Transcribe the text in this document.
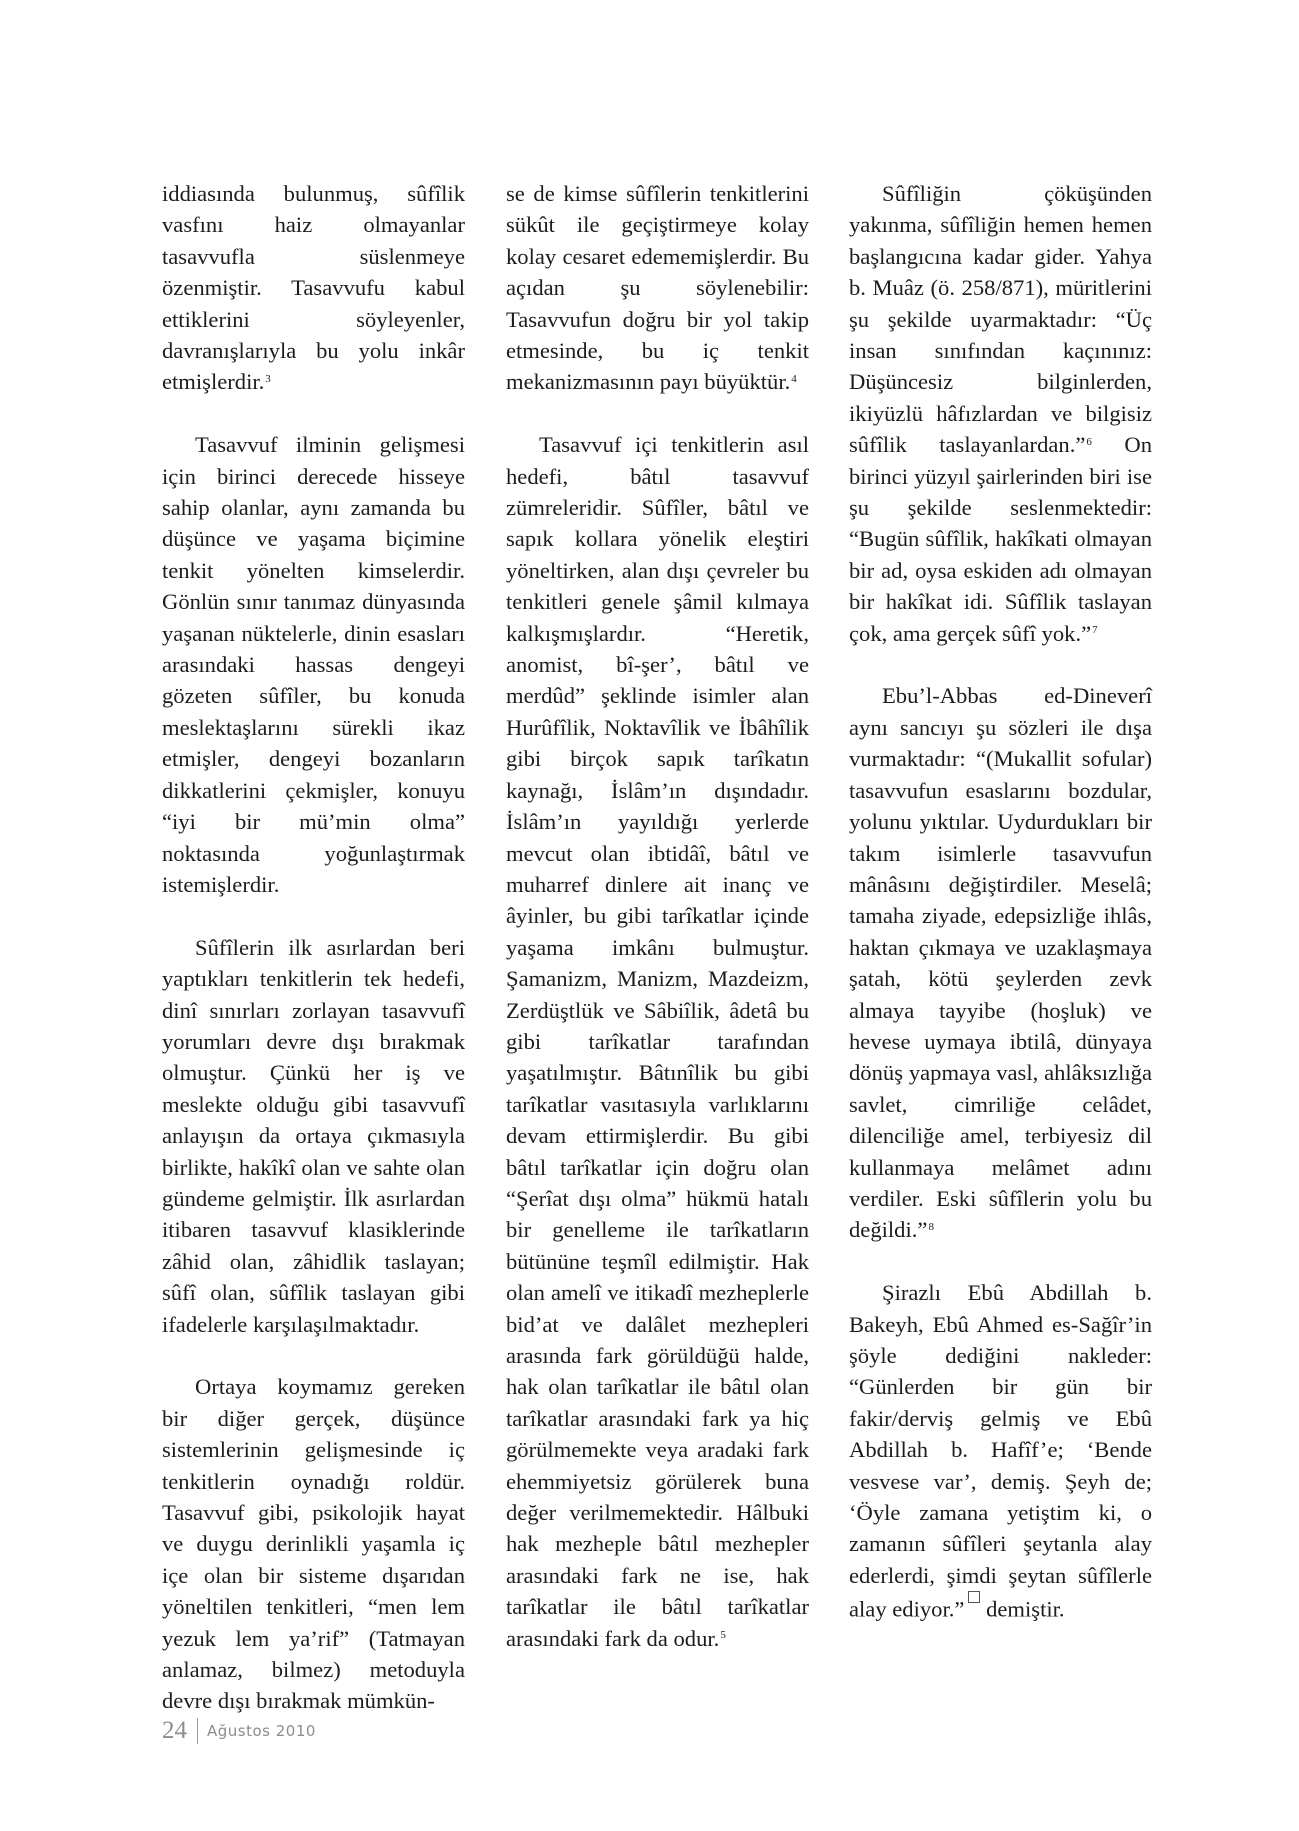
iddiasında bulunmuş, sûfîlik vasfını haiz olmayanlar tasavvufla süslenmeye özenmiştir. Tasavvufu kabul ettiklerini söyleyenler, davranışlarıyla bu yolu inkâr etmişlerdir.$^3$

Tasavvuf ilminin gelişmesi için birinci derecede hisseye sahip olanlar, aynı zamanda bu düşünce ve yaşama biçimine tenkit yönelten kimselerdir. Gönlün sınır tanımaz dünyasında yaşanan nüktelerle, dinin esasları arasındaki hassas dengeyi gözeten sûfîler, bu konuda meslektaşlarını sürekli ikaz etmişler, dengeyi bozanların dikkatlerini çekmişler, konuyu “iyi bir mü’min olma” noktasında yoğunlaştırmak istemişlerdir.

Sûfîlerin ilk asırlardan beri yaptıkları tenkitlerin tek hedefi, dinî sınırları zorlayan tasavvufî yorumları devre dışı bırakmak olmuştur. Çünkü her iş ve meslekte olduğu gibi tasavvufî anlayışın da ortaya çıkmasıyla birlikte, hakîkî olan ve sahte olan gündeme gelmiştir. İlk asırlardan itibaren tasavvuf klasiklerinde zâhid olan, zâhidlik taslayan; sûfî olan, sûfîlik taslayan gibi ifadelerle karşılaşılmaktadır.

Ortaya koymamız gereken bir diğer gerçek, düşünce sistemlerinin gelişmesinde iç tenkitlerin oynadığı roldür. Tasavvuf gibi, psikolojik hayat ve duygu derinlikli yaşamla iç içe olan bir sisteme dışarıdan yöneltilen tenkitleri, “men lem yezuk lem ya’rif” (Tatmayan anlamaz, bilmez) metoduyla devre dışı bırakmak mümkün-

se de kimse sûfîlerin tenkitlerini sükût ile geçiştirmeye kolay kolay cesaret edememişlerdir. Bu açıdan şu söylenebilir: Tasavvufun doğru bir yol takip etmesinde, bu iç tenkit mekanizmasının payı büyüktür.$^4$

Tasavvuf içi tenkitlerin asıl hedefi, bâtıl tasavvuf zümreleridir. Sûfîler, bâtıl ve sapık kollara yönelik eleştiri yöneltirken, alan dışı çevreler bu tenkitleri genele şâmil kılmaya kalkışmışlardır. “Heretik, anomist, bî-şer’, bâtıl ve merdûd” şeklinde isimler alan Hurûfîlik, Noktavîlik ve İbâhîlik gibi birçok sapık tarîkatın kaynağı, İslâm’ın dışındadır. İslâm’ın yayıldığı yerlerde mevcut olan ibtidâî, bâtıl ve muharref dinlere ait inanç ve âyinler, bu gibi tarîkatlar içinde yaşama imkânı bulmuştur. Şamanizm, Manizm, Mazdeizm, Zerdüştlük ve Sâbiîlik, âdetâ bu gibi tarîkatlar tarafından yaşatılmıştır. Bâtınîlik bu gibi tarîkatlar vasıtasıyla varlıklarını devam ettirmişlerdir. Bu gibi bâtıl tarîkatlar için doğru olan “Şerîat dışı olma” hükmü hatalı bir genelleme ile tarîkatların bütününe teşmîl edilmiştir. Hak olan amelî ve itikadî mezheplerle bid’at ve dalâlet mezhepleri arasında fark görüldüğü halde, hak olan tarîkatlar ile bâtıl olan tarîkatlar arasındaki fark ya hiç görülmemekte veya aradaki fark ehemmiyetsiz görülerek buna değer verilmemektedir. Hâlbuki hak mezheple bâtıl mezhepler arasındaki fark ne ise, hak tarîkatlar ile bâtıl tarîkatlar arasındaki fark da odur.$^5$

Sûfîliğin çöküşünden yakınma, sûfîliğin hemen hemen başlangıcına kadar gider. Yahya b. Muâz (ö. 258/871), müritlerini şu şekilde uyarmaktadır: “Üç insan sınıfından kaçınınız: Düşüncesiz bilginlerden, ikiyüzlü hâfızlardan ve bilgisiz sûfîlik taslayanlardan.”$^6$ On birinci yüzyıl şairlerinden biri ise şu şekilde seslenmektedir: “Bugün sûfîlik, hakîkati olmayan bir ad, oysa eskiden adı olmayan bir hakîkat idi. Sûfîlik taslayan çok, ama gerçek sûfî yok.”$^7$

Ebu’l-Abbas ed-Dineverî aynı sancıyı şu sözleri ile dışa vurmaktadır: “(Mukallit sofular) tasavvufun esaslarını bozdular, yolunu yıktılar. Uydurdukları bir takım isimlerle tasavvufun mânâsını değiştirdiler. Meselâ; tamaha ziyade, edepsizliğe ihlâs, haktan çıkmaya ve uzaklaşmaya şatah, kötü şeylerden zevk almaya tayyibe (hoşluk) ve hevese uymaya ibtilâ, dünyaya dönüş yapmaya vasl, ahlâksızlığa savlet, cimriliğe celâdet, dilenciliğe amel, terbiyesiz dil kullanmaya melâmet adını verdiler. Eski sûfîlerin yolu bu değildi.”$^8$

Şirazlı Ebû Abdillah b. Bakeyh, Ebû Ahmed es-Sağîr’in şöyle dediğini nakleder: “Günlerden bir gün bir fakir/derviş gelmiş ve Ebû Abdillah b. Hafîf’e; ‘Bende vesvese var’, demiş. Şeyh de; ‘Öyle zamana yetiştim ki, o zamanın sûfîleri şeytanla alay ederlerdi, şimdi şeytan sûfîlerle alay ediyor.” demiştir.

24 Ağustos 2010
